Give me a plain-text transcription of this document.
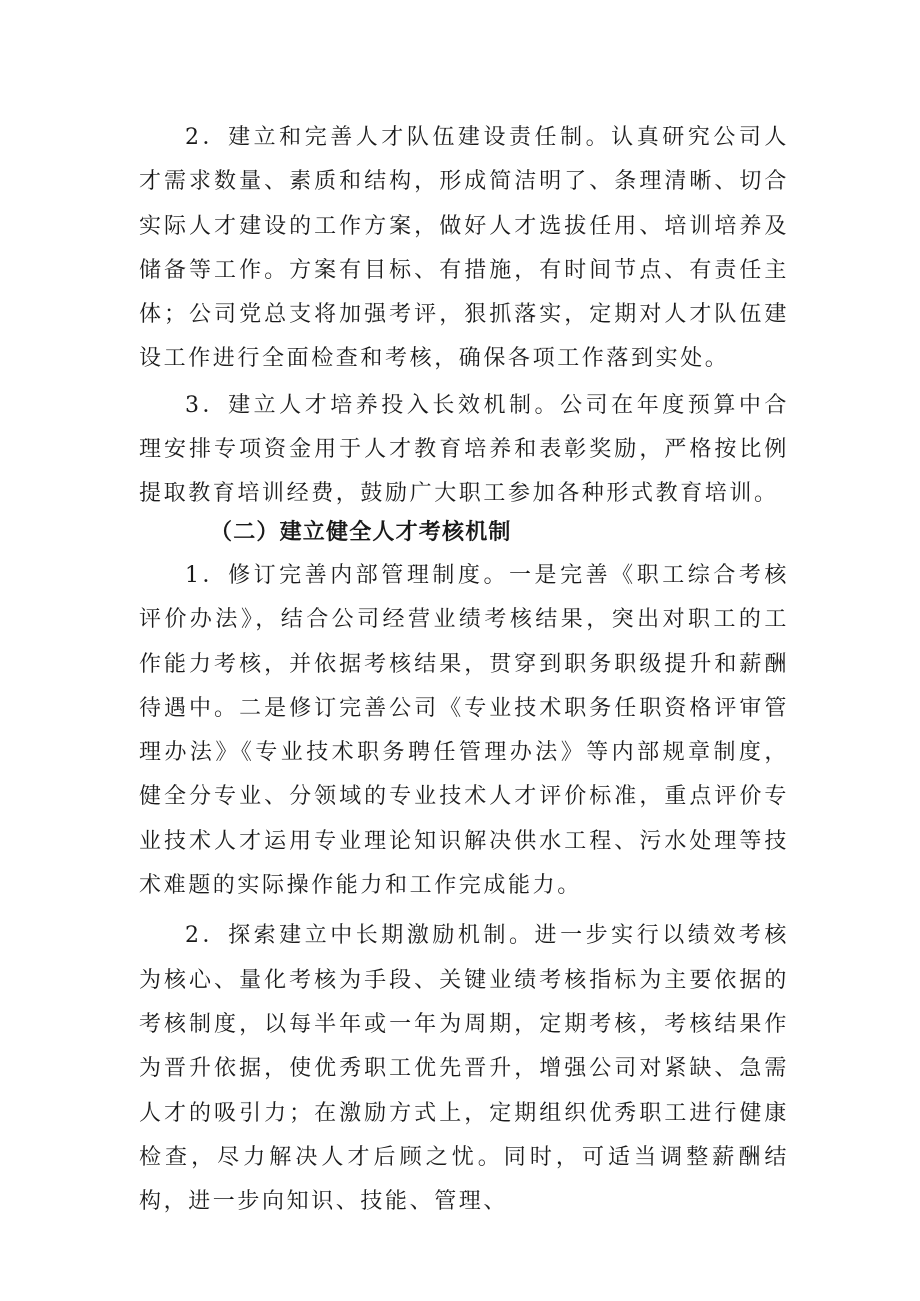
2．建立和完善人才队伍建设责任制。认真研究公司人才需求数量、素质和结构，形成简洁明了、条理清晰、切合实际人才建设的工作方案，做好人才选拔任用、培训培养及储备等工作。方案有目标、有措施，有时间节点、有责任主体；公司党总支将加强考评，狠抓落实，定期对人才队伍建设工作进行全面检查和考核，确保各项工作落到实处。

3．建立人才培养投入长效机制。公司在年度预算中合理安排专项资金用于人才教育培养和表彰奖励，严格按比例提取教育培训经费，鼓励广大职工参加各种形式教育培训。

（二）建立健全人才考核机制

1．修订完善内部管理制度。一是完善《职工综合考核评价办法》，结合公司经营业绩考核结果，突出对职工的工作能力考核，并依据考核结果，贯穿到职务职级提升和薪酬待遇中。二是修订完善公司《专业技术职务任职资格评审管理办法》《专业技术职务聘任管理办法》等内部规章制度，健全分专业、分领域的专业技术人才评价标准，重点评价专业技术人才运用专业理论知识解决供水工程、污水处理等技术难题的实际操作能力和工作完成能力。

2．探索建立中长期激励机制。进一步实行以绩效考核为核心、量化考核为手段、关键业绩考核指标为主要依据的考核制度，以每半年或一年为周期，定期考核，考核结果作为晋升依据，使优秀职工优先晋升，增强公司对紧缺、急需人才的吸引力；在激励方式上，定期组织优秀职工进行健康检查，尽力解决人才后顾之忧。同时，可适当调整薪酬结构，进一步向知识、技能、管理、
